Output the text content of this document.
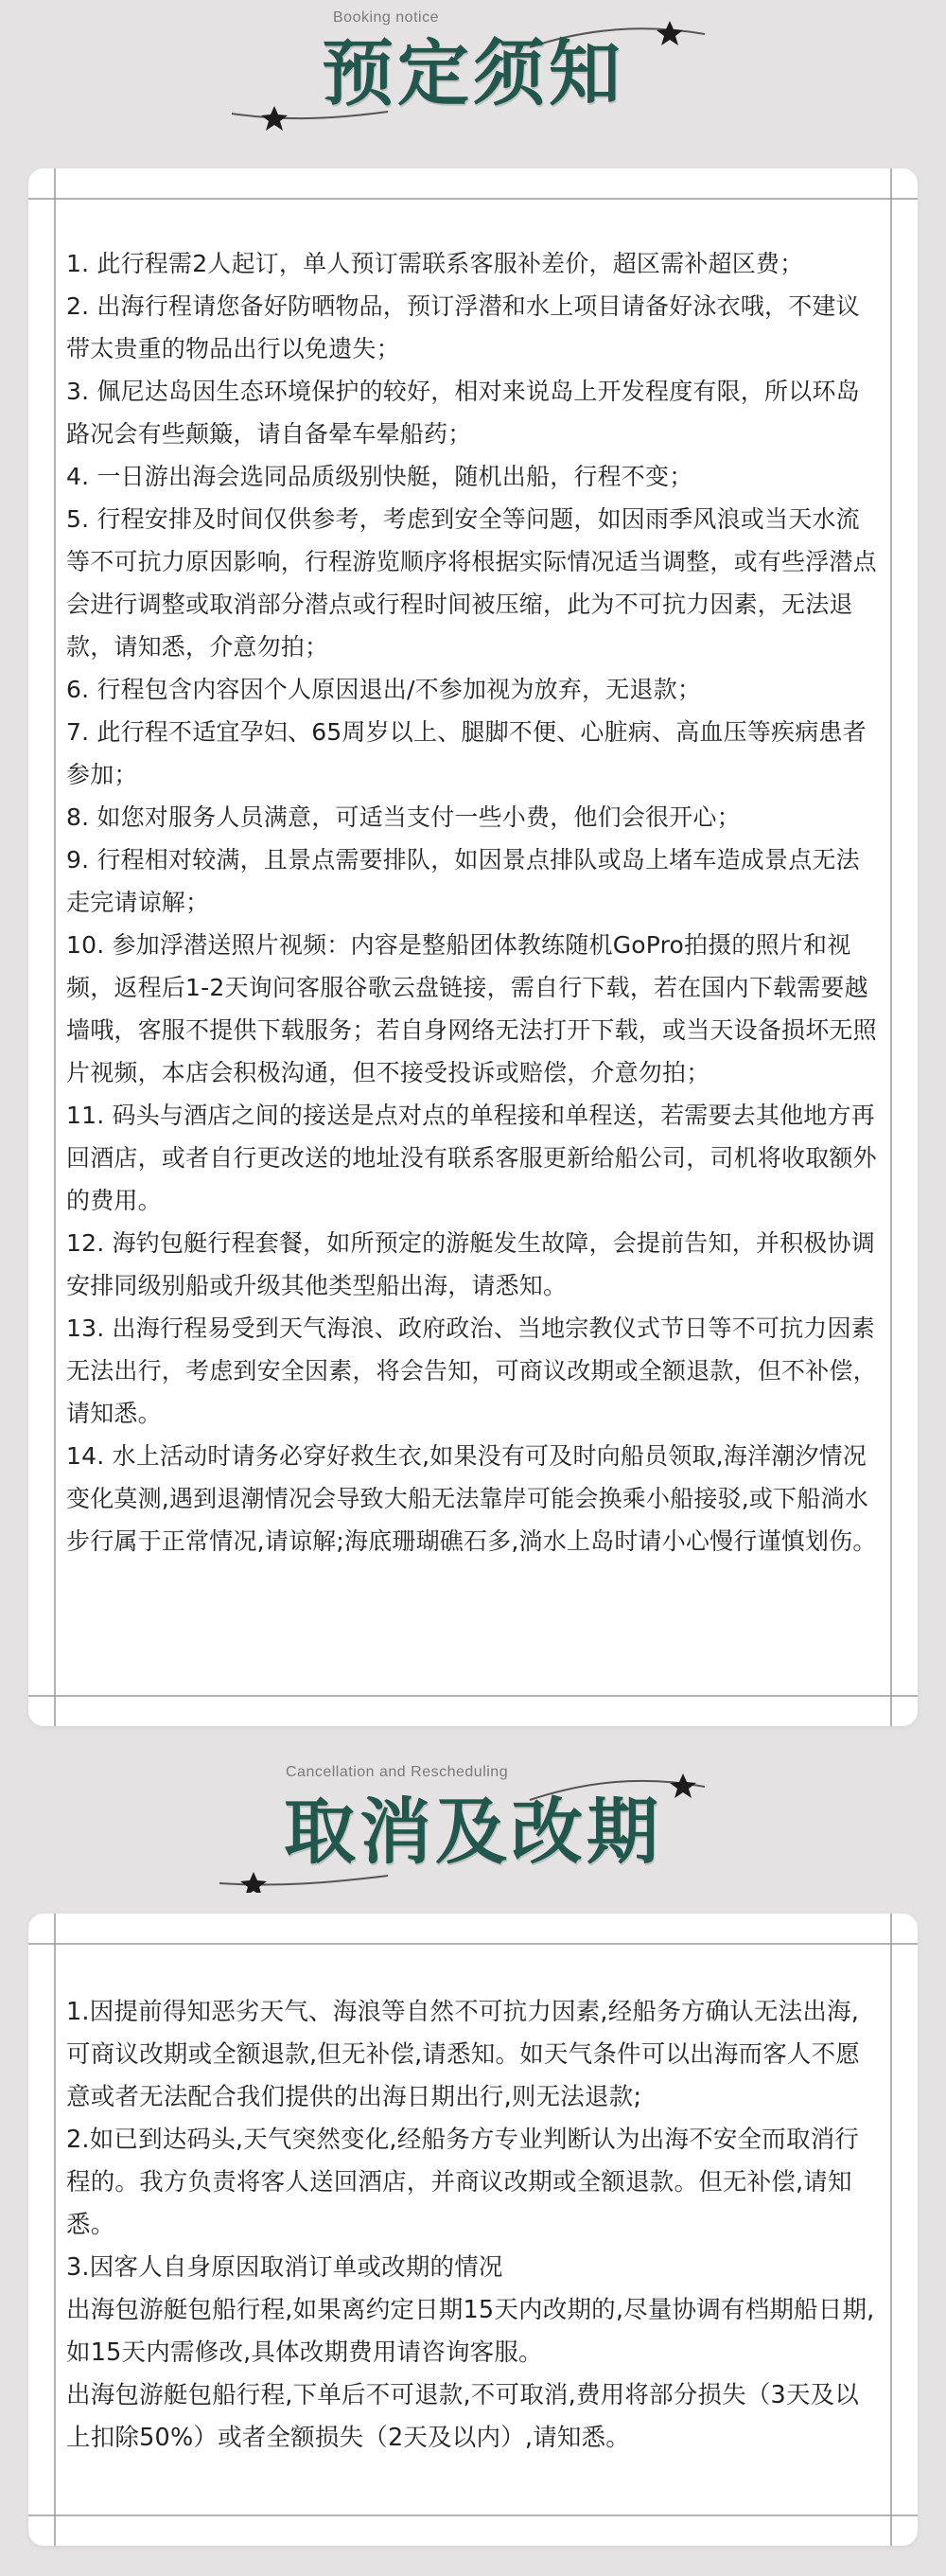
Booking notice
预定须知
1. 此行程需2人起订，单人预订需联系客服补差价，超区需补超区费；
2. 出海行程请您备好防晒物品，预订浮潜和水上项目请备好泳衣哦，不建议带太贵重的物品出行以免遗失；
3. 佩尼达岛因生态环境保护的较好，相对来说岛上开发程度有限，所以环岛路况会有些颠簸，请自备晕车晕船药；
4. 一日游出海会选同品质级别快艇，随机出船，行程不变；
5. 行程安排及时间仅供参考，考虑到安全等问题，如因雨季风浪或当天水流等不可抗力原因影响，行程游览顺序将根据实际情况适当调整，或有些浮潜点会进行调整或取消部分潜点或行程时间被压缩，此为不可抗力因素，无法退款，请知悉，介意勿拍；
6. 行程包含内容因个人原因退出/不参加视为放弃，无退款；
7. 此行程不适宜孕妇、65周岁以上、腿脚不便、心脏病、高血压等疾病患者参加；
8. 如您对服务人员满意，可适当支付一些小费，他们会很开心；
9. 行程相对较满，且景点需要排队，如因景点排队或岛上堵车造成景点无法走完请谅解；
10. 参加浮潜送照片视频：内容是整船团体教练随机GoPro拍摄的照片和视频，返程后1-2天询问客服谷歌云盘链接，需自行下载，若在国内下载需要越墙哦，客服不提供下载服务；若自身网络无法打开下载，或当天设备损坏无照片视频，本店会积极沟通，但不接受投诉或赔偿，介意勿拍；
11. 码头与酒店之间的接送是点对点的单程接和单程送，若需要去其他地方再回酒店，或者自行更改送的地址没有联系客服更新给船公司，司机将收取额外的费用。
12. 海钓包艇行程套餐，如所预定的游艇发生故障，会提前告知，并积极协调安排同级别船或升级其他类型船出海，请悉知。
13. 出海行程易受到天气海浪、政府政治、当地宗教仪式节日等不可抗力因素无法出行，考虑到安全因素，将会告知，可商议改期或全额退款，但不补偿，请知悉。
14. 水上活动时请务必穿好救生衣,如果没有可及时向船员领取,海洋潮汐情况变化莫测,遇到退潮情况会导致大船无法靠岸可能会换乘小船接驳,或下船淌水步行属于正常情况,请谅解;海底珊瑚礁石多,淌水上岛时请小心慢行谨慎划伤。
Cancellation and Rescheduling
取消及改期
1.因提前得知恶劣天气、海浪等自然不可抗力因素,经船务方确认无法出海,可商议改期或全额退款,但无补偿,请悉知。如天气条件可以出海而客人不愿意或者无法配合我们提供的出海日期出行,则无法退款;
2.如已到达码头,天气突然变化,经船务方专业判断认为出海不安全而取消行程的。我方负责将客人送回酒店，并商议改期或全额退款。但无补偿,请知悉。
3.因客人自身原因取消订单或改期的情况
出海包游艇包船行程,如果离约定日期15天内改期的,尽量协调有档期船日期,如15天内需修改,具体改期费用请咨询客服。
出海包游艇包船行程,下单后不可退款,不可取消,费用将部分损失（3天及以上扣除50%）或者全额损失（2天及以内）,请知悉。
